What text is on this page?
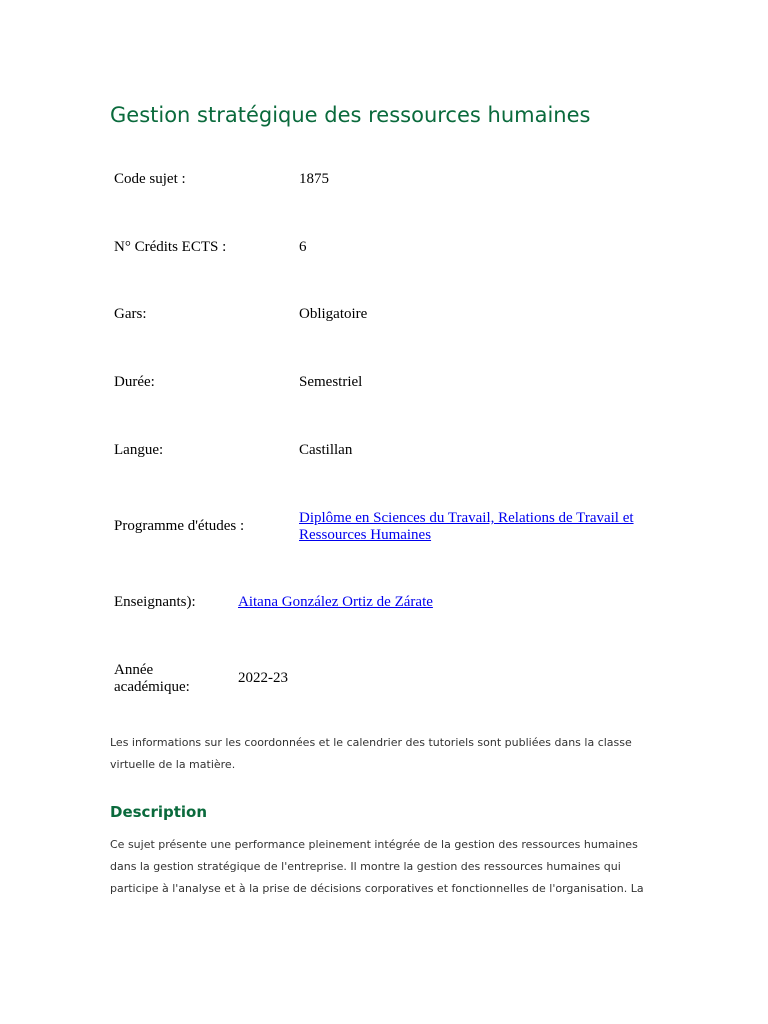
Gestion stratégique des ressources humaines
Code sujet :	1875
N° Crédits ECTS :	6
Gars:	Obligatoire
Durée:	Semestriel
Langue:	Castillan
Programme d'études :	Diplôme en Sciences du Travail, Relations de Travail et Ressources Humaines
Enseignants):	Aitana González Ortiz de Zárate
Année académique:
2022-23

Les informations sur les coordonnées et le calendrier des tutoriels sont publiées dans la classe virtuelle de la matière.

Description

Ce sujet présente une performance pleinement intégrée de la gestion des ressources humaines dans la gestion stratégique de l'entreprise. Il montre la gestion des ressources humaines qui participe à l'analyse et à la prise de décisions corporatives et fonctionnelles de l'organisation. La
